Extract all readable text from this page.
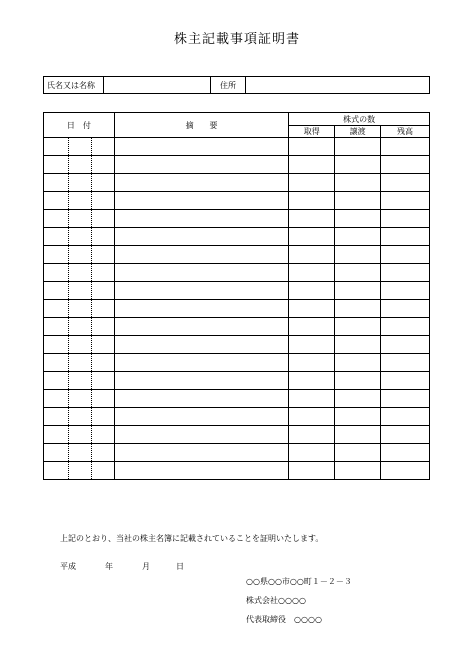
株主記載事項証明書
氏名又は名称		住所	
日　付			摘　　要	株式の数		
				取得	譲渡	残高

上記のとおり、当社の株主名簿に記載されていることを証明いたします。
平成	年	月	日
○○県○○市○○町１－２－３
株式会社○○○○
代表取締役　○○○○
